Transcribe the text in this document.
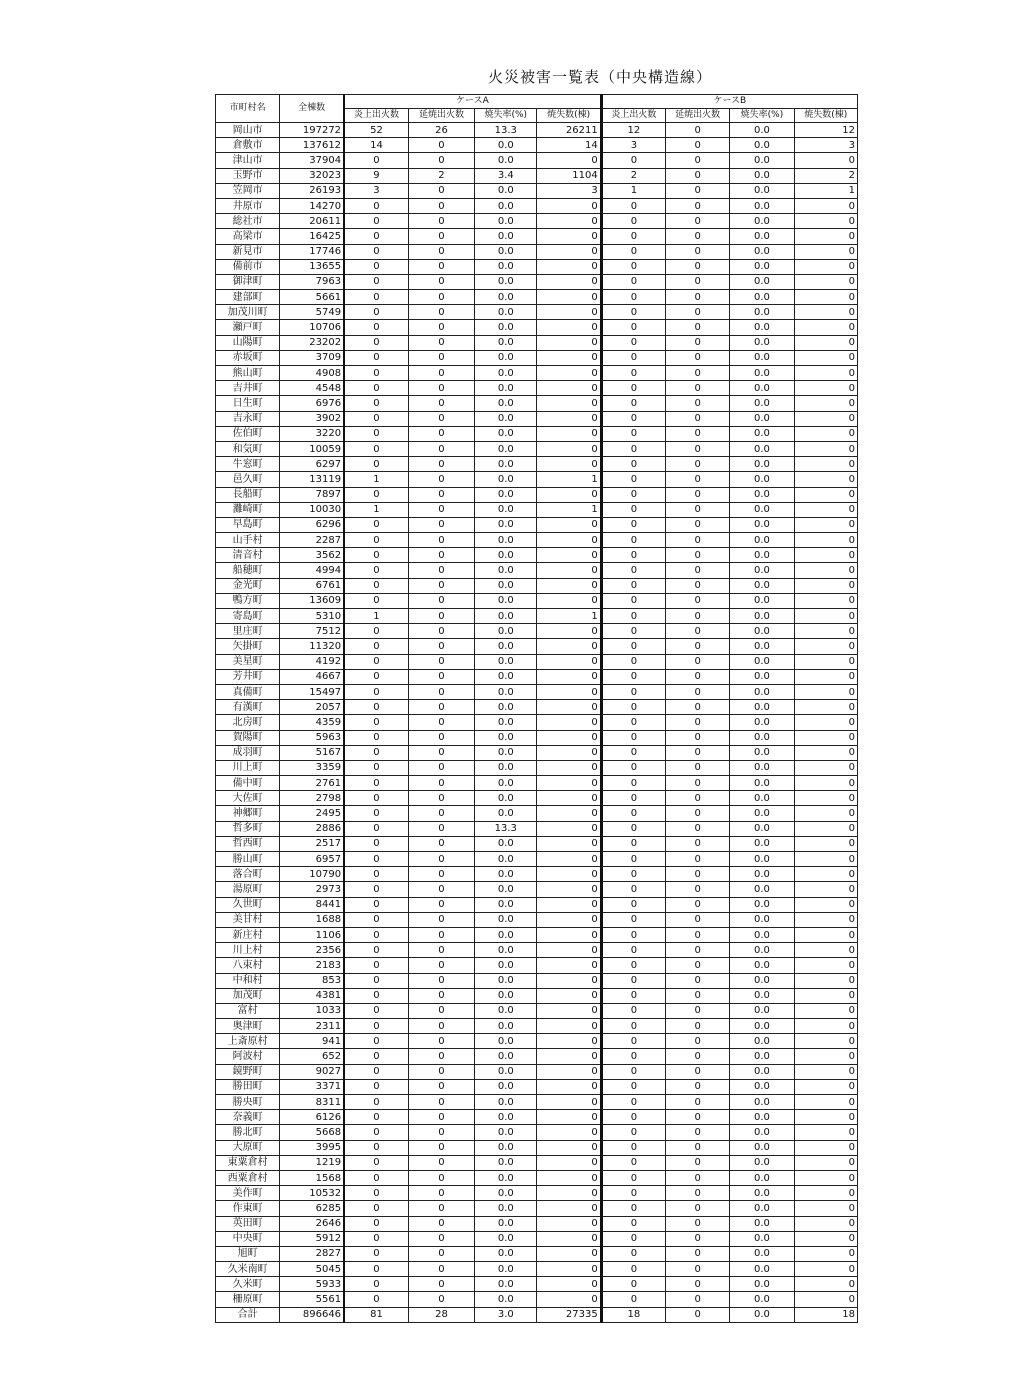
火災被害一覧表（中央構造線）
市町村名	全棟数	ケースA				ケースB			
		炎上出火数	延焼出火数	焼失率(%)	焼失数(棟)	炎上出火数	延焼出火数	焼失率(%)	焼失数(棟)
岡山市	197272	52	26	13.3	26211	12	0	0.0	12
倉敷市	137612	14	0	0.0	14	3	0	0.0	3
津山市	37904	0	0	0.0	0	0	0	0.0	0
玉野市	32023	9	2	3.4	1104	2	0	0.0	2
笠岡市	26193	3	0	0.0	3	1	0	0.0	1
井原市	14270	0	0	0.0	0	0	0	0.0	0
総社市	20611	0	0	0.0	0	0	0	0.0	0
高梁市	16425	0	0	0.0	0	0	0	0.0	0
新見市	17746	0	0	0.0	0	0	0	0.0	0
備前市	13655	0	0	0.0	0	0	0	0.0	0
御津町	7963	0	0	0.0	0	0	0	0.0	0
建部町	5661	0	0	0.0	0	0	0	0.0	0
加茂川町	5749	0	0	0.0	0	0	0	0.0	0
瀬戸町	10706	0	0	0.0	0	0	0	0.0	0
山陽町	23202	0	0	0.0	0	0	0	0.0	0
赤坂町	3709	0	0	0.0	0	0	0	0.0	0
熊山町	4908	0	0	0.0	0	0	0	0.0	0
吉井町	4548	0	0	0.0	0	0	0	0.0	0
日生町	6976	0	0	0.0	0	0	0	0.0	0
吉永町	3902	0	0	0.0	0	0	0	0.0	0
佐伯町	3220	0	0	0.0	0	0	0	0.0	0
和気町	10059	0	0	0.0	0	0	0	0.0	0
牛窓町	6297	0	0	0.0	0	0	0	0.0	0
邑久町	13119	1	0	0.0	1	0	0	0.0	0
長船町	7897	0	0	0.0	0	0	0	0.0	0
灘崎町	10030	1	0	0.0	1	0	0	0.0	0
早島町	6296	0	0	0.0	0	0	0	0.0	0
山手村	2287	0	0	0.0	0	0	0	0.0	0
清音村	3562	0	0	0.0	0	0	0	0.0	0
船穂町	4994	0	0	0.0	0	0	0	0.0	0
金光町	6761	0	0	0.0	0	0	0	0.0	0
鴨方町	13609	0	0	0.0	0	0	0	0.0	0
寄島町	5310	1	0	0.0	1	0	0	0.0	0
里庄町	7512	0	0	0.0	0	0	0	0.0	0
矢掛町	11320	0	0	0.0	0	0	0	0.0	0
美星町	4192	0	0	0.0	0	0	0	0.0	0
芳井町	4667	0	0	0.0	0	0	0	0.0	0
真備町	15497	0	0	0.0	0	0	0	0.0	0
有漢町	2057	0	0	0.0	0	0	0	0.0	0
北房町	4359	0	0	0.0	0	0	0	0.0	0
賀陽町	5963	0	0	0.0	0	0	0	0.0	0
成羽町	5167	0	0	0.0	0	0	0	0.0	0
川上町	3359	0	0	0.0	0	0	0	0.0	0
備中町	2761	0	0	0.0	0	0	0	0.0	0
大佐町	2798	0	0	0.0	0	0	0	0.0	0
神郷町	2495	0	0	0.0	0	0	0	0.0	0
哲多町	2886	0	0	13.3	0	0	0	0.0	0
哲西町	2517	0	0	0.0	0	0	0	0.0	0
勝山町	6957	0	0	0.0	0	0	0	0.0	0
落合町	10790	0	0	0.0	0	0	0	0.0	0
湯原町	2973	0	0	0.0	0	0	0	0.0	0
久世町	8441	0	0	0.0	0	0	0	0.0	0
美甘村	1688	0	0	0.0	0	0	0	0.0	0
新庄村	1106	0	0	0.0	0	0	0	0.0	0
川上村	2356	0	0	0.0	0	0	0	0.0	0
八束村	2183	0	0	0.0	0	0	0	0.0	0
中和村	853	0	0	0.0	0	0	0	0.0	0
加茂町	4381	0	0	0.0	0	0	0	0.0	0
富村	1033	0	0	0.0	0	0	0	0.0	0
奥津町	2311	0	0	0.0	0	0	0	0.0	0
上斎原村	941	0	0	0.0	0	0	0	0.0	0
阿波村	652	0	0	0.0	0	0	0	0.0	0
鏡野町	9027	0	0	0.0	0	0	0	0.0	0
勝田町	3371	0	0	0.0	0	0	0	0.0	0
勝央町	8311	0	0	0.0	0	0	0	0.0	0
奈義町	6126	0	0	0.0	0	0	0	0.0	0
勝北町	5668	0	0	0.0	0	0	0	0.0	0
大原町	3995	0	0	0.0	0	0	0	0.0	0
東粟倉村	1219	0	0	0.0	0	0	0	0.0	0
西粟倉村	1568	0	0	0.0	0	0	0	0.0	0
美作町	10532	0	0	0.0	0	0	0	0.0	0
作東町	6285	0	0	0.0	0	0	0	0.0	0
英田町	2646	0	0	0.0	0	0	0	0.0	0
中央町	5912	0	0	0.0	0	0	0	0.0	0
旭町	2827	0	0	0.0	0	0	0	0.0	0
久米南町	5045	0	0	0.0	0	0	0	0.0	0
久米町	5933	0	0	0.0	0	0	0	0.0	0
柵原町	5561	0	0	0.0	0	0	0	0.0	0
合計	896646	81	28	3.0	27335	18	0	0.0	18
